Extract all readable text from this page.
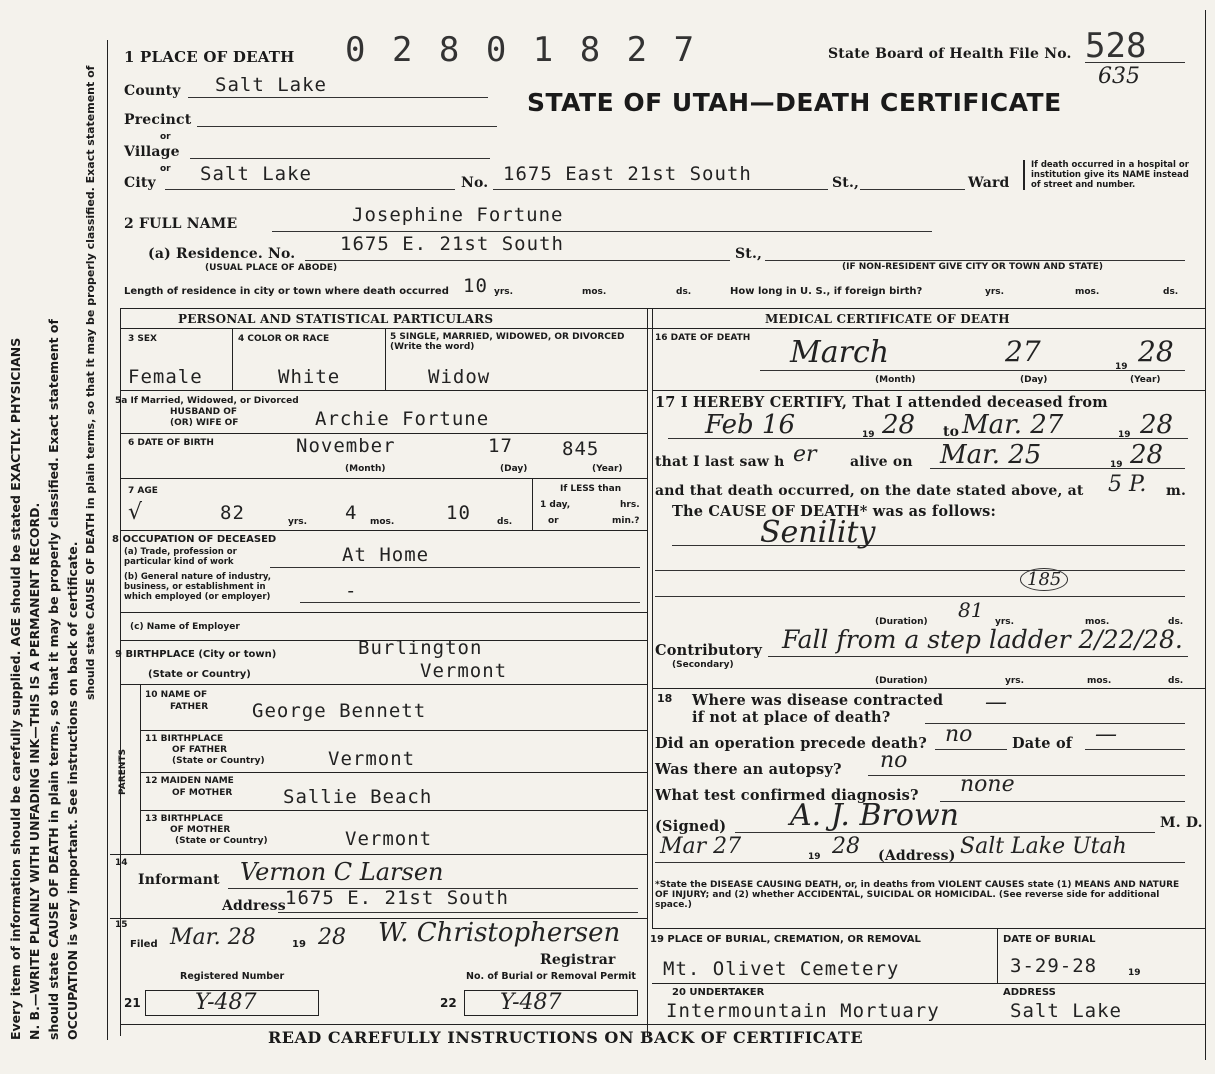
Every item of information should be carefully supplied. AGE should be stated EXACTLY. PHYSICIANS N. B.—WRITE PLAINLY WITH UNFADING INK—THIS IS A PERMANENT RECORD. should state CAUSE OF DEATH in plain terms, so that it may be properly classified. Exact statement of OCCUPATION is very important. See instructions on back of certificate.
should state CAUSE OF DEATH in plain terms, so that it may be properly classified. Exact statement of
1 PLACE OF DEATH 0 2 8 0 1 8 2 7	State Board of Health File No. 528
635
STATE OF UTAH—DEATH CERTIFICATE
County Salt Lake
Precinct
or
Village
or
City Salt Lake	No. 1675 East 21st South	St.,	Ward
If death occurred in a hospital or institution give its NAME instead of street and number.
2 FULL NAME	Josephine Fortune
(a) Residence. No.
(USUAL PLACE OF ABODE)
1675 E. 21st South	St.,
(IF NON-RESIDENT GIVE CITY OR TOWN AND STATE)
Length of residence in city or town where death occurred 10 yrs.	mos.	ds.	How long in U. S., if foreign birth?	yrs.	mos.	ds.
PERSONAL AND STATISTICAL PARTICULARS	MEDICAL CERTIFICATE OF DEATH
3 SEX	4 COLOR OR RACE	5 SINGLE, MARRIED, WIDOWED, OR DIVORCED (Write the word)
Female	White	Widow
5a If Married, Widowed, or Divorced
HUSBAND OF
(OR) WIFE OF	Archie Fortune
6 DATE OF BIRTH	November	17	845
(Month)	(Day)	(Year)
7 AGE
√	82	yrs. 4 mos.	10	ds.
If LESS than
1 day,	hrs.
or	min.?
8 OCCUPATION OF DECEASED
(a) Trade, profession or
particular kind of work	At Home
(b) General nature of industry,
business, or establishment in
which employed (or employer)	-
(c) Name of Employer
9 BIRTHPLACE (City or town)	Burlington
(State or Country)	Vermont
PARENTS
10 NAME OF
FATHER George Bennett
11 BIRTHPLACE
OF FATHER
(State or Country)	Vermont
12 MAIDEN NAME
OF MOTHER	Sallie Beach
13 BIRTHPLACE
OF MOTHER
(State or Country)	Vermont
14
Informant Vernon C Larsen
Address 1675 E. 21st South
15
Filed Mar. 28	19 28 W. Christophersen
Registrar
Registered Number	No. of Burial or Removal Permit
21 Y-487	22 Y-487
16 DATE OF DEATH March	27	19 28
(Month)	(Day)	(Year)
17 I HEREBY CERTIFY, That I attended deceased from
Feb 16	19 28 to Mar. 27	19 28
that I last saw h er alive on Mar. 25	19 28
and that death occurred, on the date stated above, at 5 P. m.
The CAUSE OF DEATH* was as follows:
Senility
185
(Duration) 81 yrs.	mos.	ds.
Contributory
(Secondary)
Fall from a step ladder 2/22/28.
(Duration)	yrs.	mos.	ds.
18 Where was disease contracted
if not at place of death?
—
Did an operation precede death? no	Date of —
Was there an autopsy? no
What test confirmed diagnosis? none
(Signed) A. J. Brown	M. D.
Mar 27	19 28 (Address) Salt Lake Utah
*State the DISEASE CAUSING DEATH, or, in deaths from VIOLENT CAUSES state (1) MEANS AND NATURE OF INJURY; and (2) whether ACCIDENTAL, SUICIDAL OR HOMICIDAL. (See reverse side for additional space.)
19 PLACE OF BURIAL, CREMATION, OR REMOVAL	DATE OF BURIAL
Mt. Olivet Cemetery	3-29-28	19
20 UNDERTAKER	ADDRESS
Intermountain Mortuary	Salt Lake
READ CAREFULLY INSTRUCTIONS ON BACK OF CERTIFICATE
